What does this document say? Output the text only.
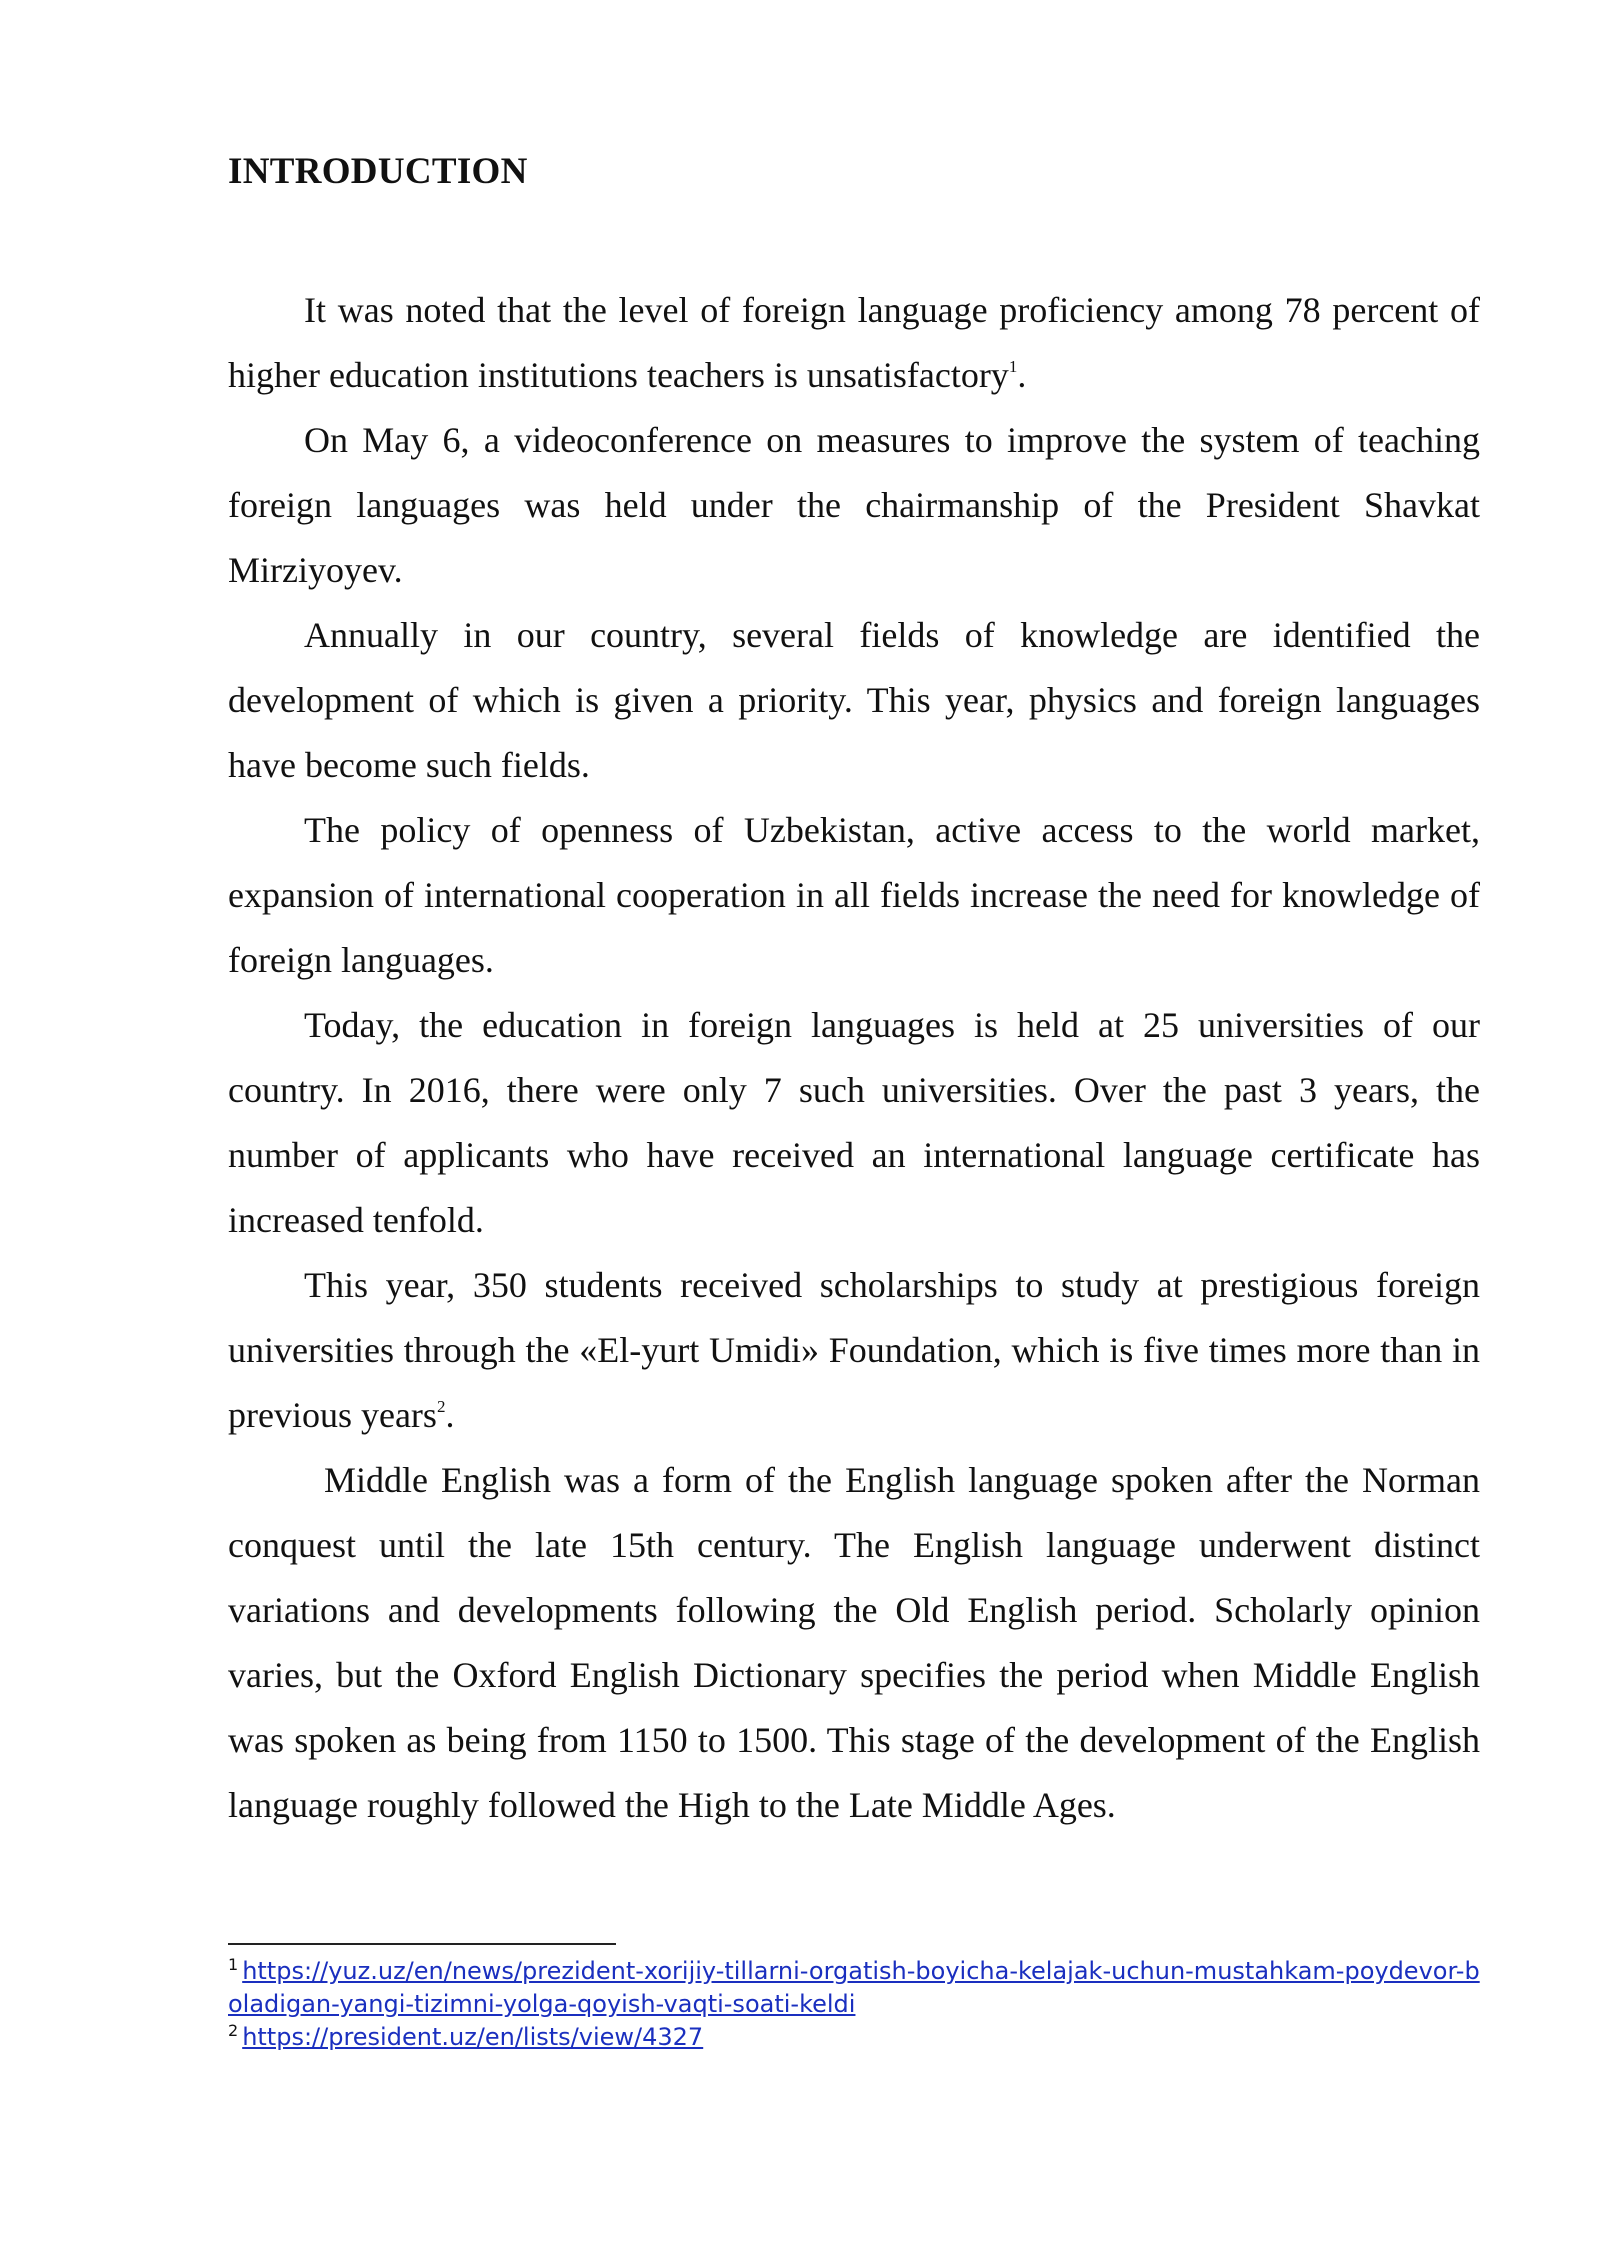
INTRODUCTION

It was noted that the level of foreign language proficiency among 78 percent of higher education institutions teachers is unsatisfactory$^1$.

On May 6, a videoconference on measures to improve the system of teaching foreign languages was held under the chairmanship of the President Shavkat Mirziyoyev.

Annually in our country, several fields of knowledge are identified the development of which is given a priority. This year, physics and foreign languages have become such fields.

The policy of openness of Uzbekistan, active access to the world market, expansion of international cooperation in all fields increase the need for knowledge of foreign languages.

Today, the education in foreign languages is held at 25 universities of our country. In 2016, there were only 7 such universities. Over the past 3 years, the number of applicants who have received an international language certificate has increased tenfold.

This year, 350 students received scholarships to study at prestigious foreign universities through the «El-yurt Umidi» Foundation, which is five times more than in previous years$^2$.

Middle English was a form of the English language spoken after the Norman conquest until the late 15th century. The English language underwent distinct variations and developments following the Old English period. Scholarly opinion varies, but the Oxford English Dictionary specifies the period when Middle English was spoken as being from 1150 to 1500. This stage of the development of the English language roughly followed the High to the Late Middle Ages.

$^1$ https://yuz.uz/en/news/prezident-xorijiy-tillarni-orgatish-boyicha-kelajak-uchun-mustahkam-poydevor-boladigan-yangi-tizimni-yolga-qoyish-vaqti-soati-keldi

$^2$ https://president.uz/en/lists/view/4327
